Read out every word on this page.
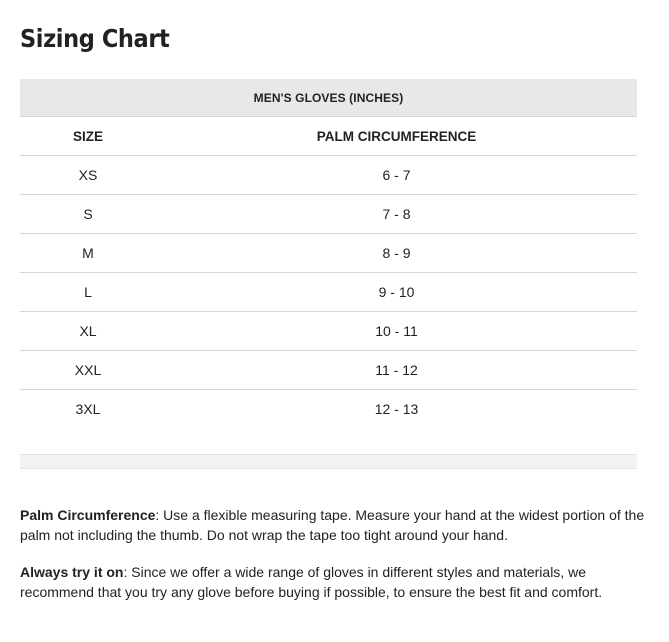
Sizing Chart
MEN'S GLOVES (INCHES)	
SIZE	PALM CIRCUMFERENCE
XS	6 - 7
S	7 - 8
M	8 - 9
L	9 - 10
XL	10 - 11
XXL	11 - 12
3XL	12 - 13

Palm Circumference: Use a flexible measuring tape. Measure your hand at the widest portion of the palm not including the thumb. Do not wrap the tape too tight around your hand.

Always try it on: Since we offer a wide range of gloves in different styles and materials, we recommend that you try any glove before buying if possible, to ensure the best fit and comfort.
